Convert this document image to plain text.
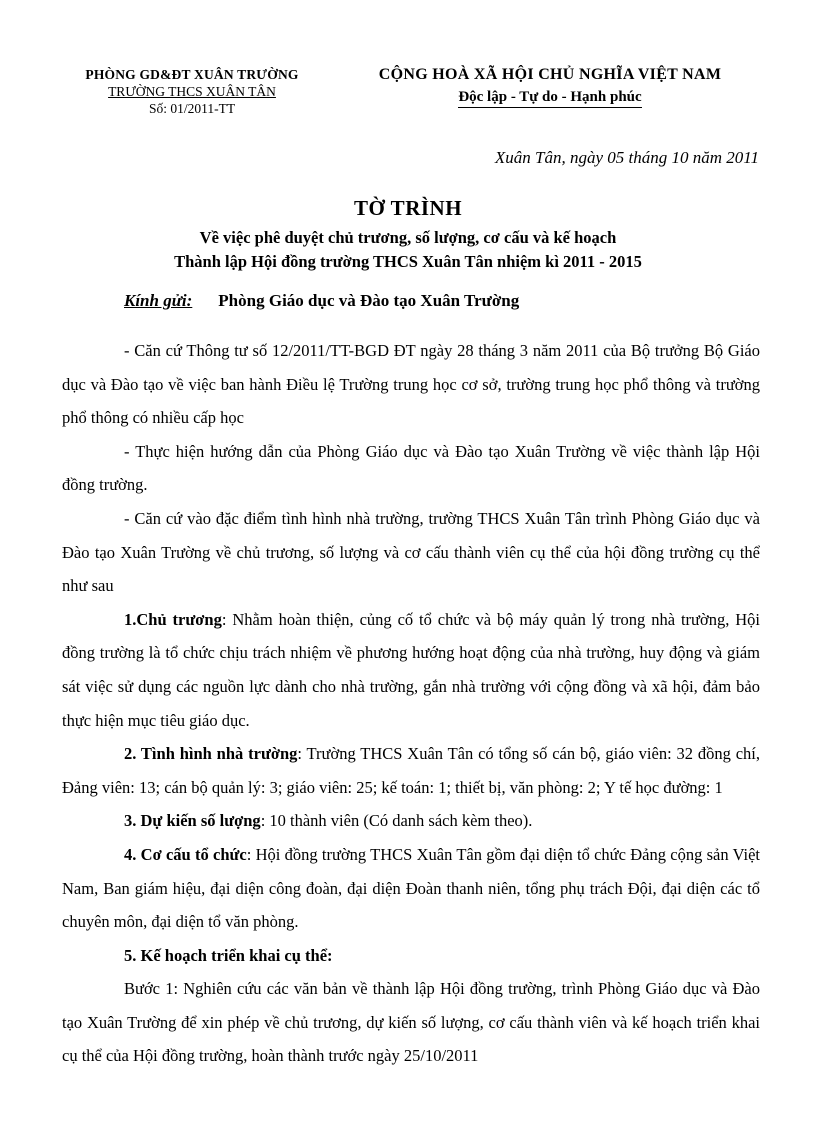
PHÒNG GD&ĐT XUÂN TRƯỜNG
TRƯỜNG THCS XUÂN TÂN
Số: 01/2011-TT
CỘNG HOÀ XÃ HỘI CHỦ NGHĨA VIỆT NAM
Độc lập - Tự do - Hạnh phúc
Xuân Tân, ngày 05 tháng 10 năm 2011
TỜ TRÌNH
Về việc phê duyệt chủ trương, số lượng, cơ cấu và kế hoạch
Thành lập Hội đồng trường THCS Xuân Tân nhiệm kì 2011 - 2015
Kính gửi: Phòng Giáo dục và Đào tạo Xuân Trường

- Căn cứ Thông tư số 12/2011/TT-BGD ĐT ngày 28 tháng 3 năm 2011 của Bộ trưởng Bộ Giáo dục và Đào tạo về việc ban hành Điều lệ Trường trung học cơ sở, trường trung học phổ thông và trường phổ thông có nhiều cấp học

- Thực hiện hướng dẫn của Phòng Giáo dục và Đào tạo Xuân Trường về việc thành lập Hội đồng trường.

- Căn cứ vào đặc điểm tình hình nhà trường, trường THCS Xuân Tân trình Phòng Giáo dục và Đào tạo Xuân Trường về chủ trương, số lượng và cơ cấu thành viên cụ thể của hội đồng trường cụ thể như sau

1.Chủ trương: Nhằm hoàn thiện, củng cố tổ chức và bộ máy quản lý trong nhà trường, Hội đồng trường là tổ chức chịu trách nhiệm về phương hướng hoạt động của nhà trường, huy động và giám sát việc sử dụng các nguồn lực dành cho nhà trường, gắn nhà trường với cộng đồng và xã hội, đảm bảo thực hiện mục tiêu giáo dục.

2. Tình hình nhà trường: Trường THCS Xuân Tân có tổng số cán bộ, giáo viên: 32 đồng chí, Đảng viên: 13; cán bộ quản lý: 3; giáo viên: 25; kế toán: 1; thiết bị, văn phòng: 2; Y tế học đường: 1

3. Dự kiến số lượng: 10 thành viên (Có danh sách kèm theo).

4. Cơ cấu tổ chức: Hội đồng trường THCS Xuân Tân gồm đại diện tổ chức Đảng cộng sản Việt Nam, Ban giám hiệu, đại diện công đoàn, đại diện Đoàn thanh niên, tổng phụ trách Đội, đại diện các tổ chuyên môn, đại diện tổ văn phòng.

5. Kế hoạch triển khai cụ thể:

Bước 1: Nghiên cứu các văn bản về thành lập Hội đồng trường, trình Phòng Giáo dục và Đào tạo Xuân Trường để xin phép về chủ trương, dự kiến số lượng, cơ cấu thành viên và kế hoạch triển khai cụ thể của Hội đồng trường, hoàn thành trước ngày 25/10/2011
